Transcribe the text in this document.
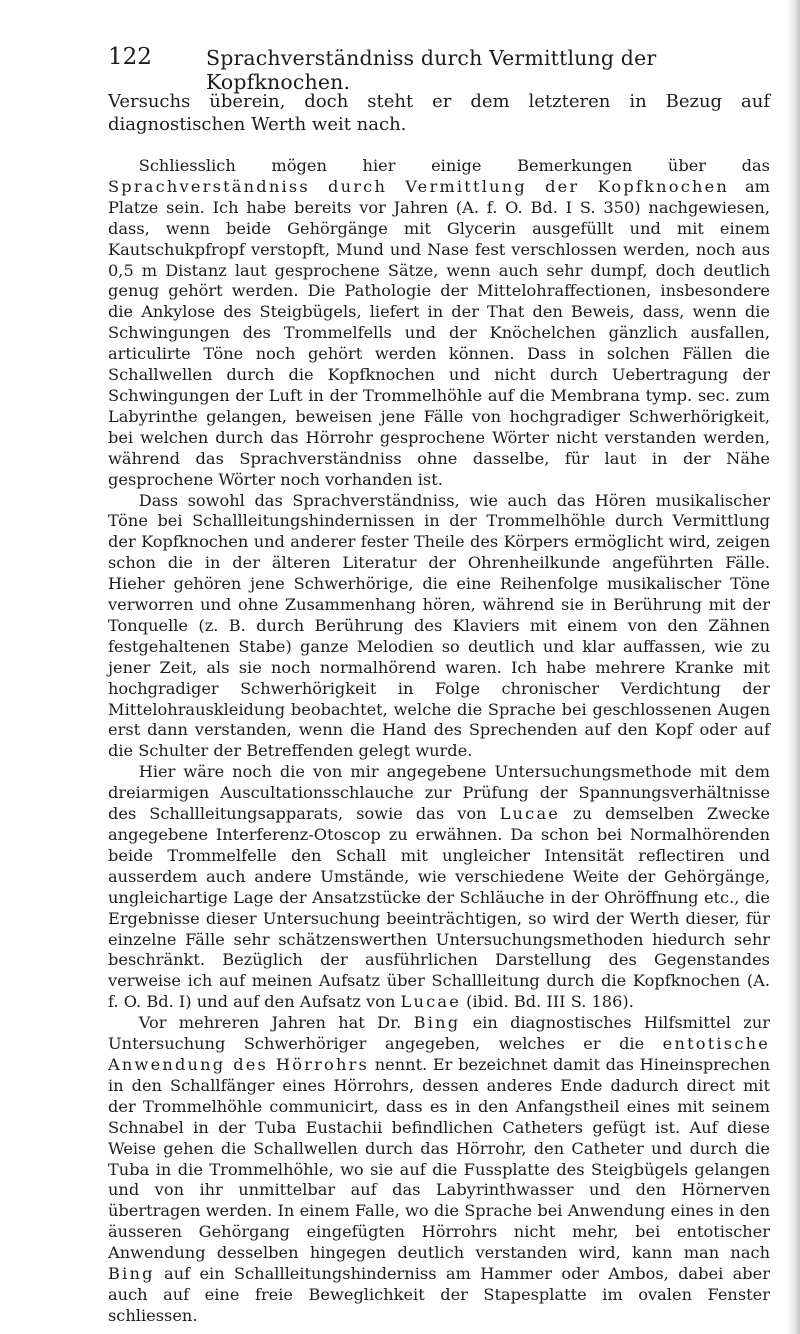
122	Sprachverständniss durch Vermittlung der Kopfknochen.

Versuchs überein, doch steht er dem letzteren in Bezug auf diagnostischen Werth weit nach.

Schliesslich mögen hier einige Bemerkungen über das Sprachverständniss durch Vermittlung der Kopfknochen am Platze sein. Ich habe bereits vor Jahren (A. f. O. Bd. I S. 350) nachgewiesen, dass, wenn beide Gehörgänge mit Glycerin ausgefüllt und mit einem Kautschukpfropf verstopft, Mund und Nase fest verschlossen werden, noch aus 0,5 m Distanz laut gesprochene Sätze, wenn auch sehr dumpf, doch deutlich genug gehört werden. Die Pathologie der Mittelohraffectionen, insbesondere die Ankylose des Steigbügels, liefert in der That den Beweis, dass, wenn die Schwingungen des Trommelfells und der Knöchelchen gänzlich ausfallen, articulirte Töne noch gehört werden können. Dass in solchen Fällen die Schallwellen durch die Kopfknochen und nicht durch Uebertragung der Schwingungen der Luft in der Trommelhöhle auf die Membrana tymp. sec. zum Labyrinthe gelangen, beweisen jene Fälle von hochgradiger Schwerhörigkeit, bei welchen durch das Hörrohr gesprochene Wörter nicht verstanden werden, während das Sprachverständniss ohne dasselbe, für laut in der Nähe gesprochene Wörter noch vorhanden ist.

Dass sowohl das Sprachverständniss, wie auch das Hören musikalischer Töne bei Schallleitungshindernissen in der Trommelhöhle durch Vermittlung der Kopfknochen und anderer fester Theile des Körpers ermöglicht wird, zeigen schon die in der älteren Literatur der Ohrenheilkunde angeführten Fälle. Hieher gehören jene Schwerhörige, die eine Reihenfolge musikalischer Töne verworren und ohne Zusammenhang hören, während sie in Berührung mit der Tonquelle (z. B. durch Berührung des Klaviers mit einem von den Zähnen festgehaltenen Stabe) ganze Melodien so deutlich und klar auffassen, wie zu jener Zeit, als sie noch normalhörend waren. Ich habe mehrere Kranke mit hochgradiger Schwerhörigkeit in Folge chronischer Verdichtung der Mittelohrauskleidung beobachtet, welche die Sprache bei geschlossenen Augen erst dann verstanden, wenn die Hand des Sprechenden auf den Kopf oder auf die Schulter der Betreffenden gelegt wurde.

Hier wäre noch die von mir angegebene Untersuchungsmethode mit dem dreiarmigen Auscultationsschlauche zur Prüfung der Spannungsverhältnisse des Schallleitungsapparats, sowie das von Lucae zu demselben Zwecke angegebene Interferenz-Otoscop zu erwähnen. Da schon bei Normalhörenden beide Trommelfelle den Schall mit ungleicher Intensität reflectiren und ausserdem auch andere Umstände, wie verschiedene Weite der Gehörgänge, ungleichartige Lage der Ansatzstücke der Schläuche in der Ohröffnung etc., die Ergebnisse dieser Untersuchung beeinträchtigen, so wird der Werth dieser, für einzelne Fälle sehr schätzenswerthen Untersuchungsmethoden hiedurch sehr beschränkt. Bezüglich der ausführlichen Darstellung des Gegenstandes verweise ich auf meinen Aufsatz über Schallleitung durch die Kopfknochen (A. f. O. Bd. I) und auf den Aufsatz von Lucae (ibid. Bd. III S. 186).

Vor mehreren Jahren hat Dr. Bing ein diagnostisches Hilfsmittel zur Untersuchung Schwerhöriger angegeben, welches er die entotische Anwendung des Hörrohrs nennt. Er bezeichnet damit das Hineinsprechen in den Schallfänger eines Hörrohrs, dessen anderes Ende dadurch direct mit der Trommelhöhle communicirt, dass es in den Anfangstheil eines mit seinem Schnabel in der Tuba Eustachii befindlichen Catheters gefügt ist. Auf diese Weise gehen die Schallwellen durch das Hörrohr, den Catheter und durch die Tuba in die Trommelhöhle, wo sie auf die Fussplatte des Steigbügels gelangen und von ihr unmittelbar auf das Labyrinthwasser und den Hörnerven übertragen werden. In einem Falle, wo die Sprache bei Anwendung eines in den äusseren Gehörgang eingefügten Hörrohrs nicht mehr, bei entotischer Anwendung desselben hingegen deutlich verstanden wird, kann man nach Bing auf ein Schallleitungshinderniss am Hammer oder Ambos, dabei aber auch auf eine freie Beweglichkeit der Stapesplatte im ovalen Fenster schliessen.
